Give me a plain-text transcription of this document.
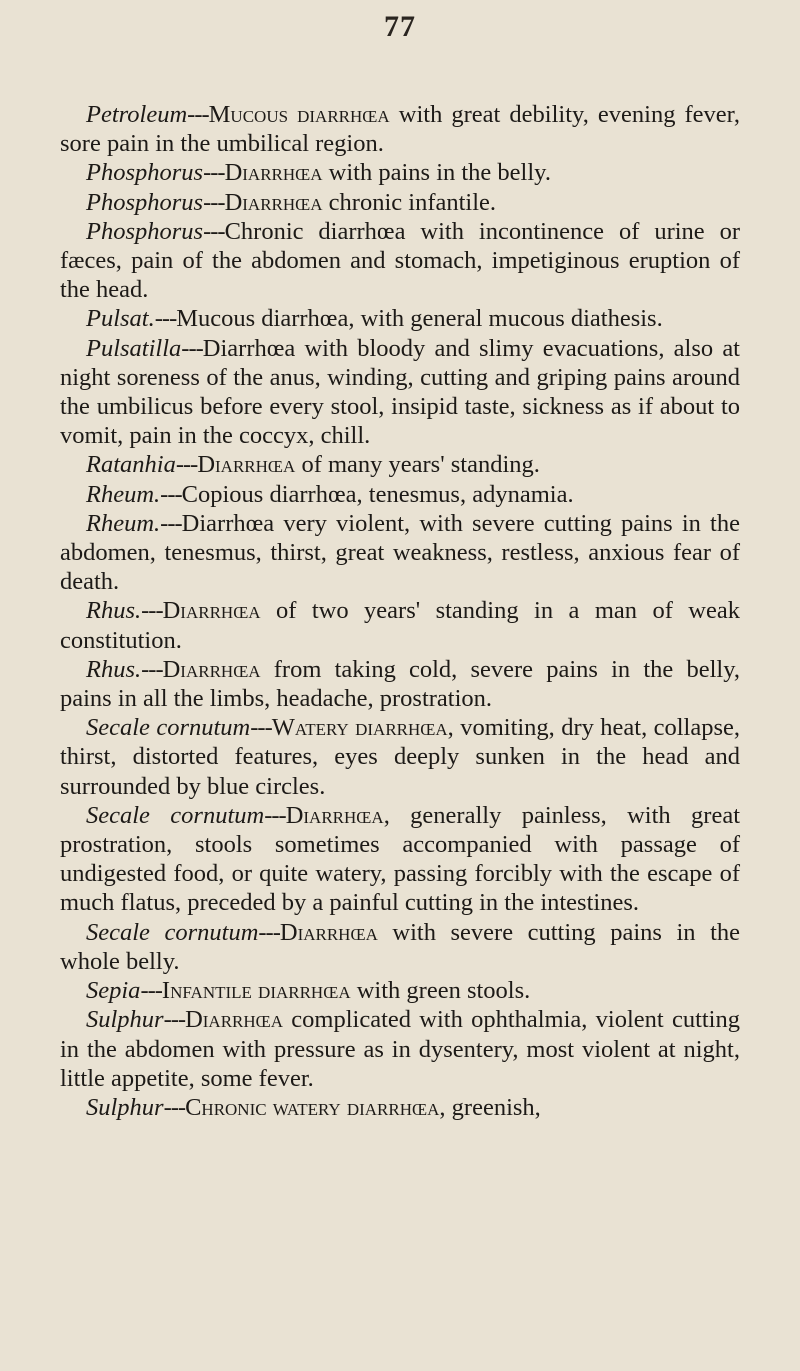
77

Petroleum---Mucous diarrhœa with great debility, evening fever, sore pain in the umbilical region.

Phosphorus---Diarrhœa with pains in the belly.

Phosphorus---Diarrhœa chronic infantile.

Phosphorus---Chronic diarrhœa with incontinence of urine or fæces, pain of the abdomen and stomach, impetiginous eruption of the head.

Pulsat.---Mucous diarrhœa, with general mucous diathesis.

Pulsatilla---Diarrhœa with bloody and slimy evacuations, also at night soreness of the anus, winding, cutting and griping pains around the umbilicus before every stool, insipid taste, sickness as if about to vomit, pain in the coccyx, chill.

Ratanhia---Diarrhœa of many years' standing.

Rheum.---Copious diarrhœa, tenesmus, adynamia.

Rheum.---Diarrhœa very violent, with severe cutting pains in the abdomen, tenesmus, thirst, great weakness, restless, anxious fear of death.

Rhus.---Diarrhœa of two years' standing in a man of weak constitution.

Rhus.---Diarrhœa from taking cold, severe pains in the belly, pains in all the limbs, headache, prostration.

Secale cornutum---Watery diarrhœa, vomiting, dry heat, collapse, thirst, distorted features, eyes deeply sunken in the head and surrounded by blue circles.

Secale cornutum---Diarrhœa, generally painless, with great prostration, stools sometimes accompanied with passage of undigested food, or quite watery, passing forcibly with the escape of much flatus, preceded by a painful cutting in the intestines.

Secale cornutum---Diarrhœa with severe cutting pains in the whole belly.

Sepia---Infantile diarrhœa with green stools.

Sulphur---Diarrhœa complicated with ophthalmia, violent cutting in the abdomen with pressure as in dysentery, most violent at night, little appetite, some fever.

Sulphur---Chronic watery diarrhœa, greenish,
